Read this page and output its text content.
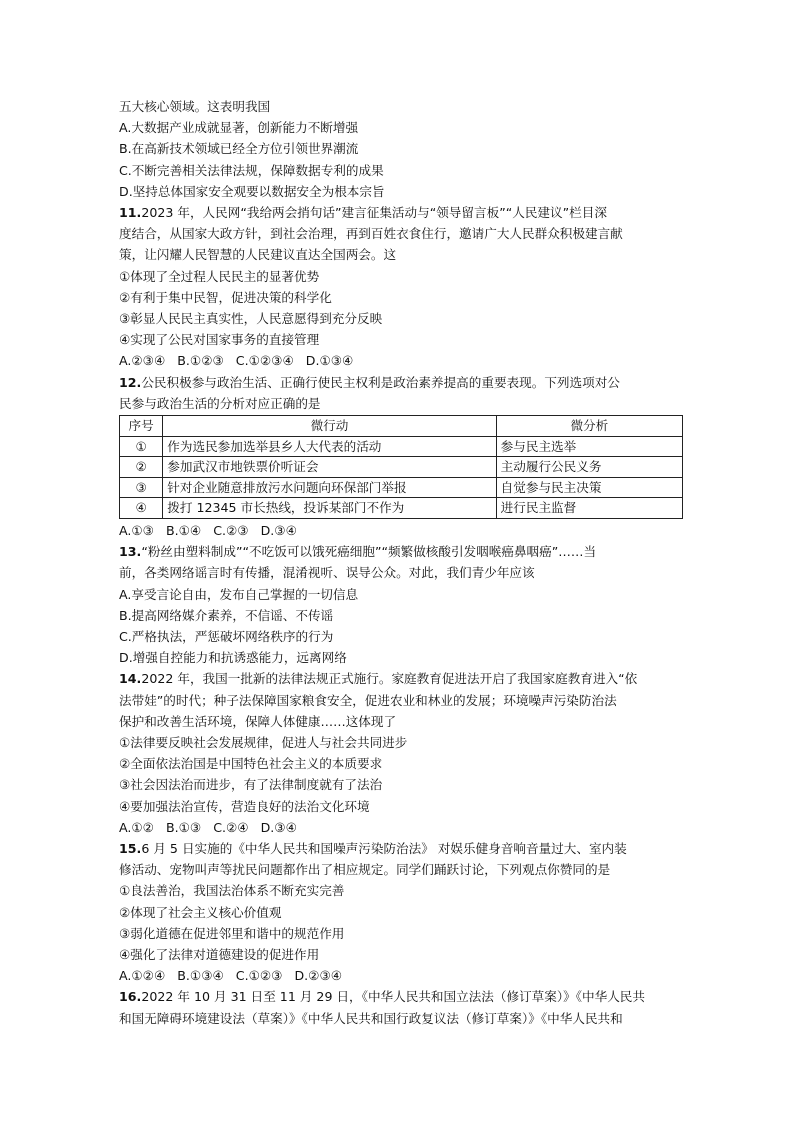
五大核心领域。这表明我国
A.大数据产业成就显著，创新能力不断增强
B.在高新技术领域已经全方位引领世界潮流
C.不断完善相关法律法规，保障数据专利的成果
D.坚持总体国家安全观要以数据安全为根本宗旨
11.2023 年，人民网“我给两会捎句话”建言征集活动与“领导留言板”“人民建议”栏目深
度结合，从国家大政方针，到社会治理，再到百姓衣食住行，邀请广大人民群众积极建言献
策，让闪耀人民智慧的人民建议直达全国两会。这
①体现了全过程人民民主的显著优势
②有利于集中民智，促进决策的科学化
③彰显人民民主真实性，人民意愿得到充分反映
④实现了公民对国家事务的直接管理
A.②③④   B.①②③   C.①②③④   D.①③④
12.公民积极参与政治生活、正确行使民主权利是政治素养提高的重要表现。下列选项对公
民参与政治生活的分析对应正确的是
序号	微行动	微分析
①	作为选民参加选举县乡人大代表的活动	参与民主选举
②	参加武汉市地铁票价听证会	主动履行公民义务
③	针对企业随意排放污水问题向环保部门举报	自觉参与民主决策
④	拨打 12345 市长热线，投诉某部门不作为	进行民主监督
A.①③   B.①④   C.②③   D.③④
13.“粉丝由塑料制成”“不吃饭可以饿死癌细胞”“频繁做核酸引发咽喉癌鼻咽癌”……当
前，各类网络谣言时有传播，混淆视听、误导公众。对此，我们青少年应该
A.享受言论自由，发布自己掌握的一切信息
B.提高网络媒介素养，不信谣、不传谣
C.严格执法，严惩破坏网络秩序的行为
D.增强自控能力和抗诱惑能力，远离网络
14.2022 年，我国一批新的法律法规正式施行。家庭教育促进法开启了我国家庭教育进入“依
法带娃”的时代；种子法保障国家粮食安全，促进农业和林业的发展；环境噪声污染防治法
保护和改善生活环境，保障人体健康……这体现了
①法律要反映社会发展规律，促进人与社会共同进步
②全面依法治国是中国特色社会主义的本质要求
③社会因法治而进步，有了法律制度就有了法治
④要加强法治宣传，营造良好的法治文化环境
A.①②   B.①③   C.②④   D.③④
15.6 月 5 日实施的《中华人民共和国噪声污染防治法》 对娱乐健身音响音量过大、室内装
修活动、宠物叫声等扰民问题都作出了相应规定。同学们踊跃讨论，下列观点你赞同的是
①良法善治，我国法治体系不断充实完善
②体现了社会主义核心价值观
③弱化道德在促进邻里和谐中的规范作用
④强化了法律对道德建设的促进作用
A.①②④   B.①③④   C.①②③   D.②③④
16.2022 年 10 月 31 日至 11 月 29 日，《中华人民共和国立法法（修订草案）》《中华人民共
和国无障碍环境建设法（草案）》《中华人民共和国行政复议法（修订草案）》《中华人民共和
